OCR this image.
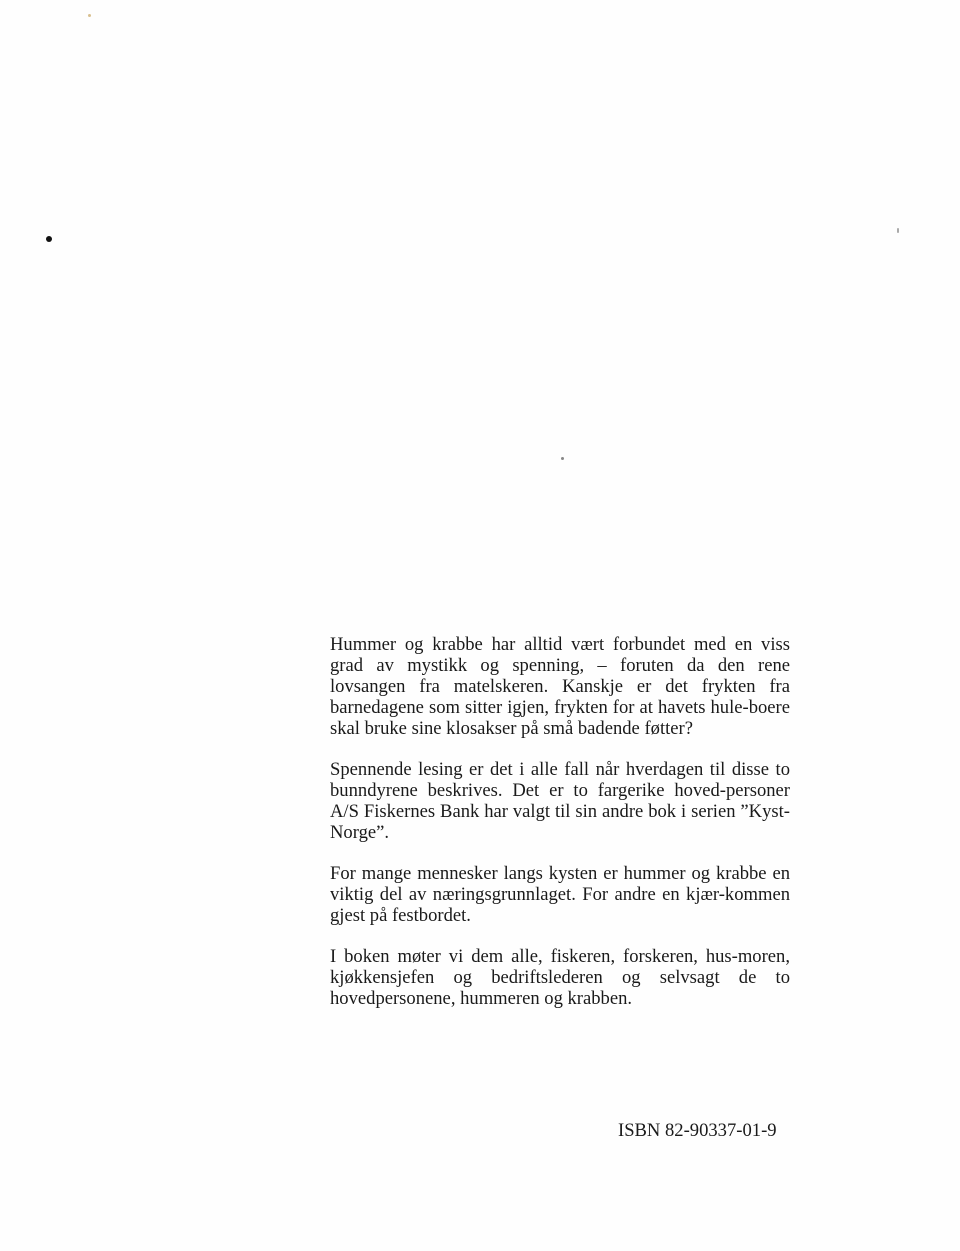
Hummer og krabbe har alltid vært forbundet med en viss grad av mystikk og spenning, – foruten da den rene lovsangen fra matelskeren. Kanskje er det frykten fra barnedagene som sitter igjen, frykten for at havets hule-boere skal bruke sine klosakser på små badende føtter?

Spennende lesing er det i alle fall når hverdagen til disse to bunndyrene beskrives. Det er to fargerike hoved-personer A/S Fiskernes Bank har valgt til sin andre bok i serien ”Kyst-Norge”.

For mange mennesker langs kysten er hummer og krabbe en viktig del av næringsgrunnlaget. For andre en kjær-kommen gjest på festbordet.

I boken møter vi dem alle, fiskeren, forskeren, hus-moren, kjøkkensjefen og bedriftslederen og selvsagt de to hovedpersonene, hummeren og krabben.

ISBN 82-90337-01-9
